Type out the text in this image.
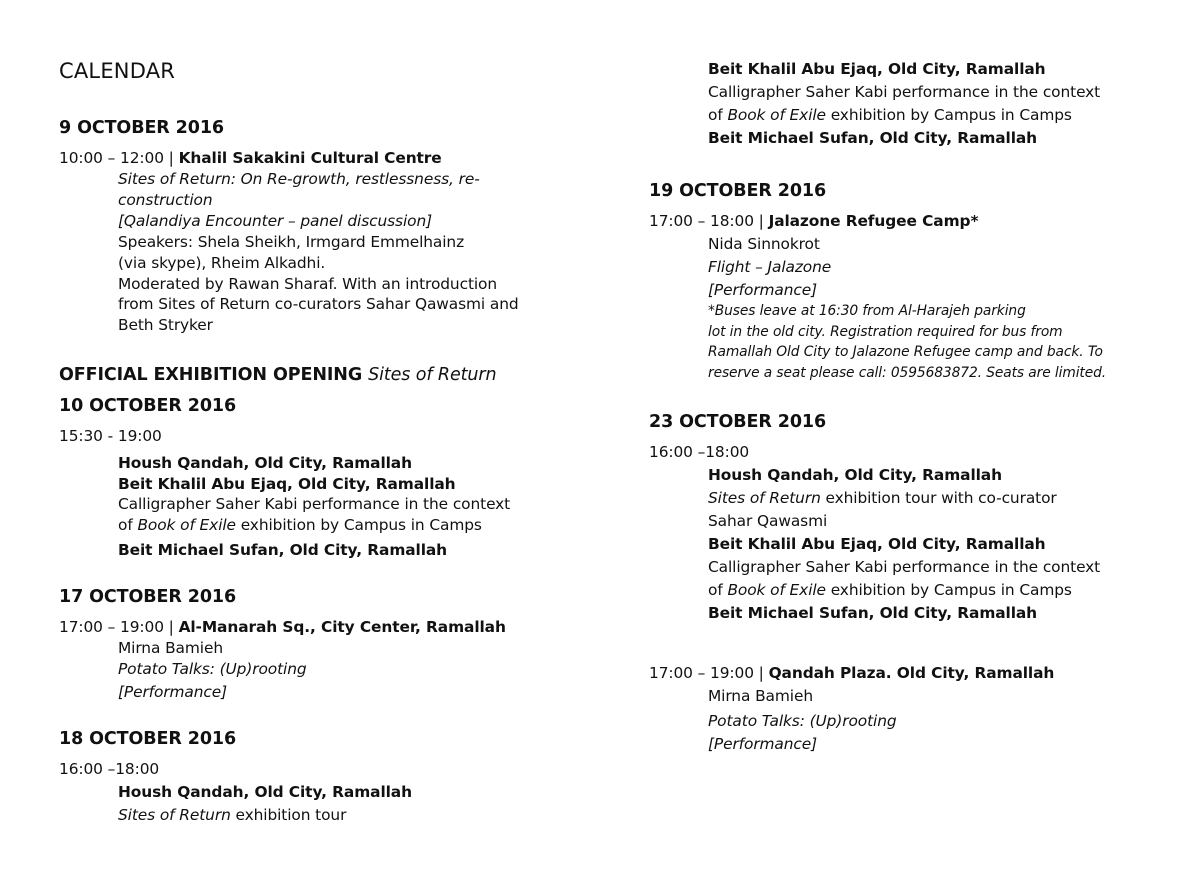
CALENDAR
9 OCTOBER 2016
10:00 – 12:00 | Khalil Sakakini Cultural Centre
Sites of Return: On Re-growth, restlessness, re-
construction
[Qalandiya Encounter – panel discussion]
Speakers: Shela Sheikh, Irmgard Emmelhainz
(via skype), Rheim Alkadhi.
Moderated by Rawan Sharaf. With an introduction
from Sites of Return co-curators Sahar Qawasmi and
Beth Stryker
OFFICIAL EXHIBITION OPENING Sites of Return
10 OCTOBER 2016
15:30 - 19:00
Housh Qandah, Old City, Ramallah
Beit Khalil Abu Ejaq, Old City, Ramallah
Calligrapher Saher Kabi performance in the context
of Book of Exile exhibition by Campus in Camps
Beit Michael Sufan, Old City, Ramallah
17 OCTOBER 2016
17:00 – 19:00 | Al-Manarah Sq., City Center, Ramallah
Mirna Bamieh
Potato Talks: (Up)rooting
[Performance]
18 OCTOBER 2016
16:00 –18:00
Housh Qandah, Old City, Ramallah
Sites of Return exhibition tour
Beit Khalil Abu Ejaq, Old City, Ramallah
Calligrapher Saher Kabi performance in the context
of Book of Exile exhibition by Campus in Camps
Beit Michael Sufan, Old City, Ramallah
19 OCTOBER 2016
17:00 – 18:00 | Jalazone Refugee Camp*
Nida Sinnokrot
Flight – Jalazone
[Performance]
*Buses leave at 16:30 from Al-Harajeh parking
lot in the old city. Registration required for bus from
Ramallah Old City to Jalazone Refugee camp and back. To
reserve a seat please call: 0595683872. Seats are limited.
23 OCTOBER 2016
16:00 –18:00
Housh Qandah, Old City, Ramallah
Sites of Return exhibition tour with co-curator
Sahar Qawasmi
Beit Khalil Abu Ejaq, Old City, Ramallah
Calligrapher Saher Kabi performance in the context
of Book of Exile exhibition by Campus in Camps
Beit Michael Sufan, Old City, Ramallah
17:00 – 19:00 | Qandah Plaza. Old City, Ramallah
Mirna Bamieh
Potato Talks: (Up)rooting
[Performance]
